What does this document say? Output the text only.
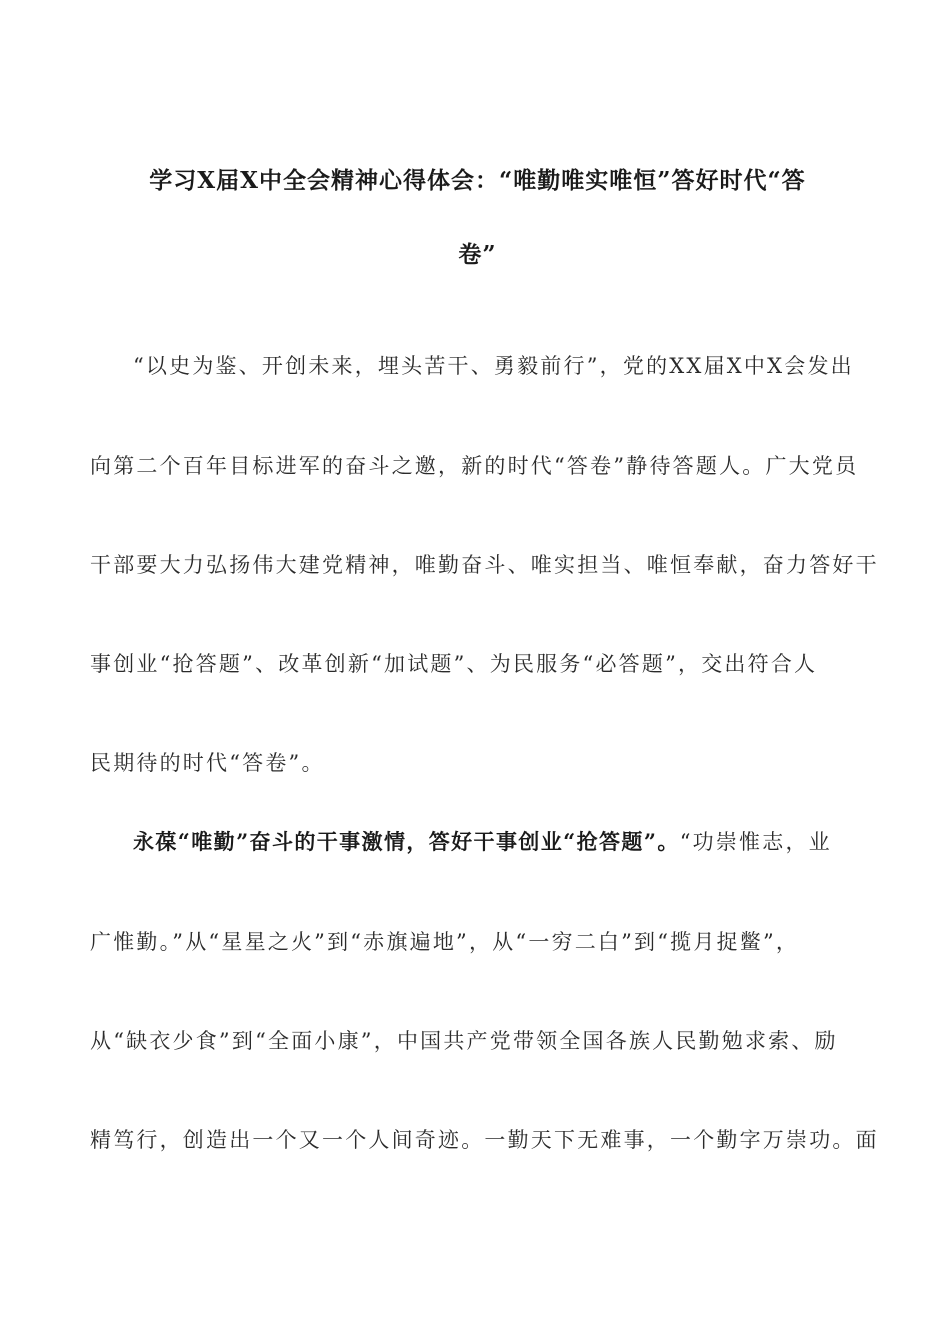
学习X届X中全会精神心得体会：“唯勤唯实唯恒”答好时代“答
卷”
“以史为鉴、开创未来，埋头苦干、勇毅前行”，党的XX届X中X会发出
向第二个百年目标进军的奋斗之邀，新的时代“答卷”静待答题人。广大党员
干部要大力弘扬伟大建党精神，唯勤奋斗、唯实担当、唯恒奉献，奋力答好干
事创业“抢答题”、改革创新“加试题”、为民服务“必答题”，交出符合人
民期待的时代“答卷”。
永葆“唯勤”奋斗的干事激情，答好干事创业“抢答题”。“功崇惟志，业
广惟勤。”从“星星之火”到“赤旗遍地”，从“一穷二白”到“揽月捉鳖”，
从“缺衣少食”到“全面小康”，中国共产党带领全国各族人民勤勉求索、励
精笃行，创造出一个又一个人间奇迹。一勤天下无难事，一个勤字万崇功。面
